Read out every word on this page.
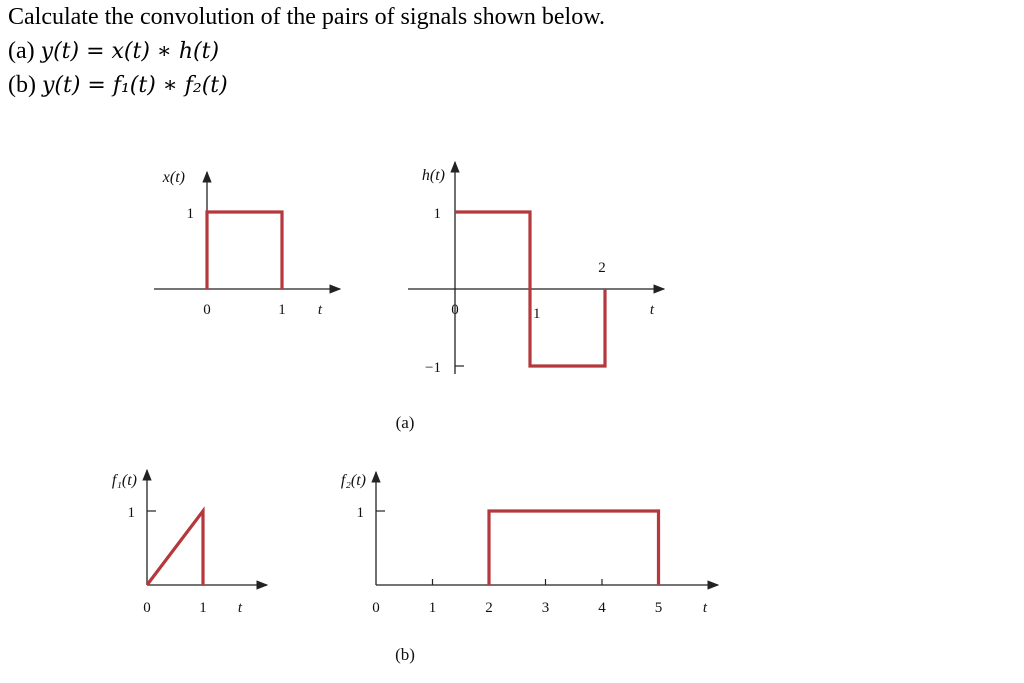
Calculate the convolution of the pairs of signals shown below.
(a) y(t) = x(t) ∗ h(t)
(b) y(t) = f₁(t) ∗ f₂(t)
1
0	1
x(t)
t
1
−1
0	1
2
h(t)
t
1
0	1
f₁(t)
t
1
0	1	2	3	4	5
f₂(t)
t
(a)
(b)
